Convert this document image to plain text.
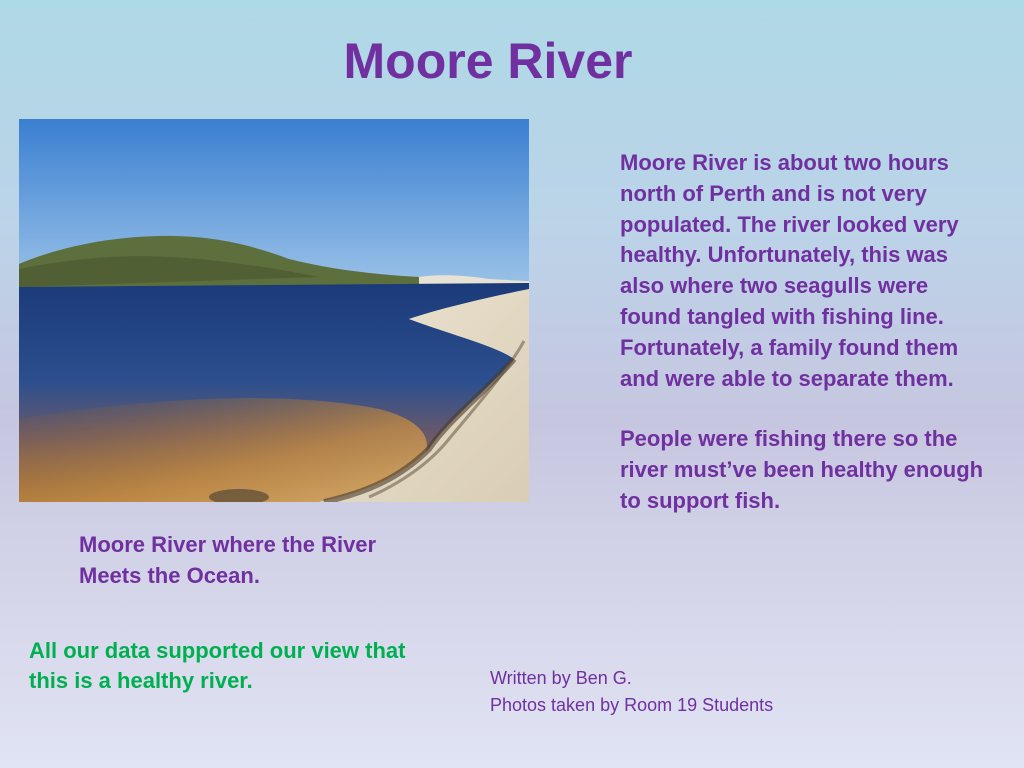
Moore River

Moore River is about two hours north of Perth and is not very populated. The river looked very healthy. Unfortunately, this was also where two seagulls were found tangled with fishing line. Fortunately, a family found them and were able to separate them.

People were fishing there so the river must’ve been healthy enough to support fish.

Moore River where the River Meets the Ocean.
All our data supported our view that this is a healthy river.	Written by Ben G.
Photos taken by Room 19 Students
